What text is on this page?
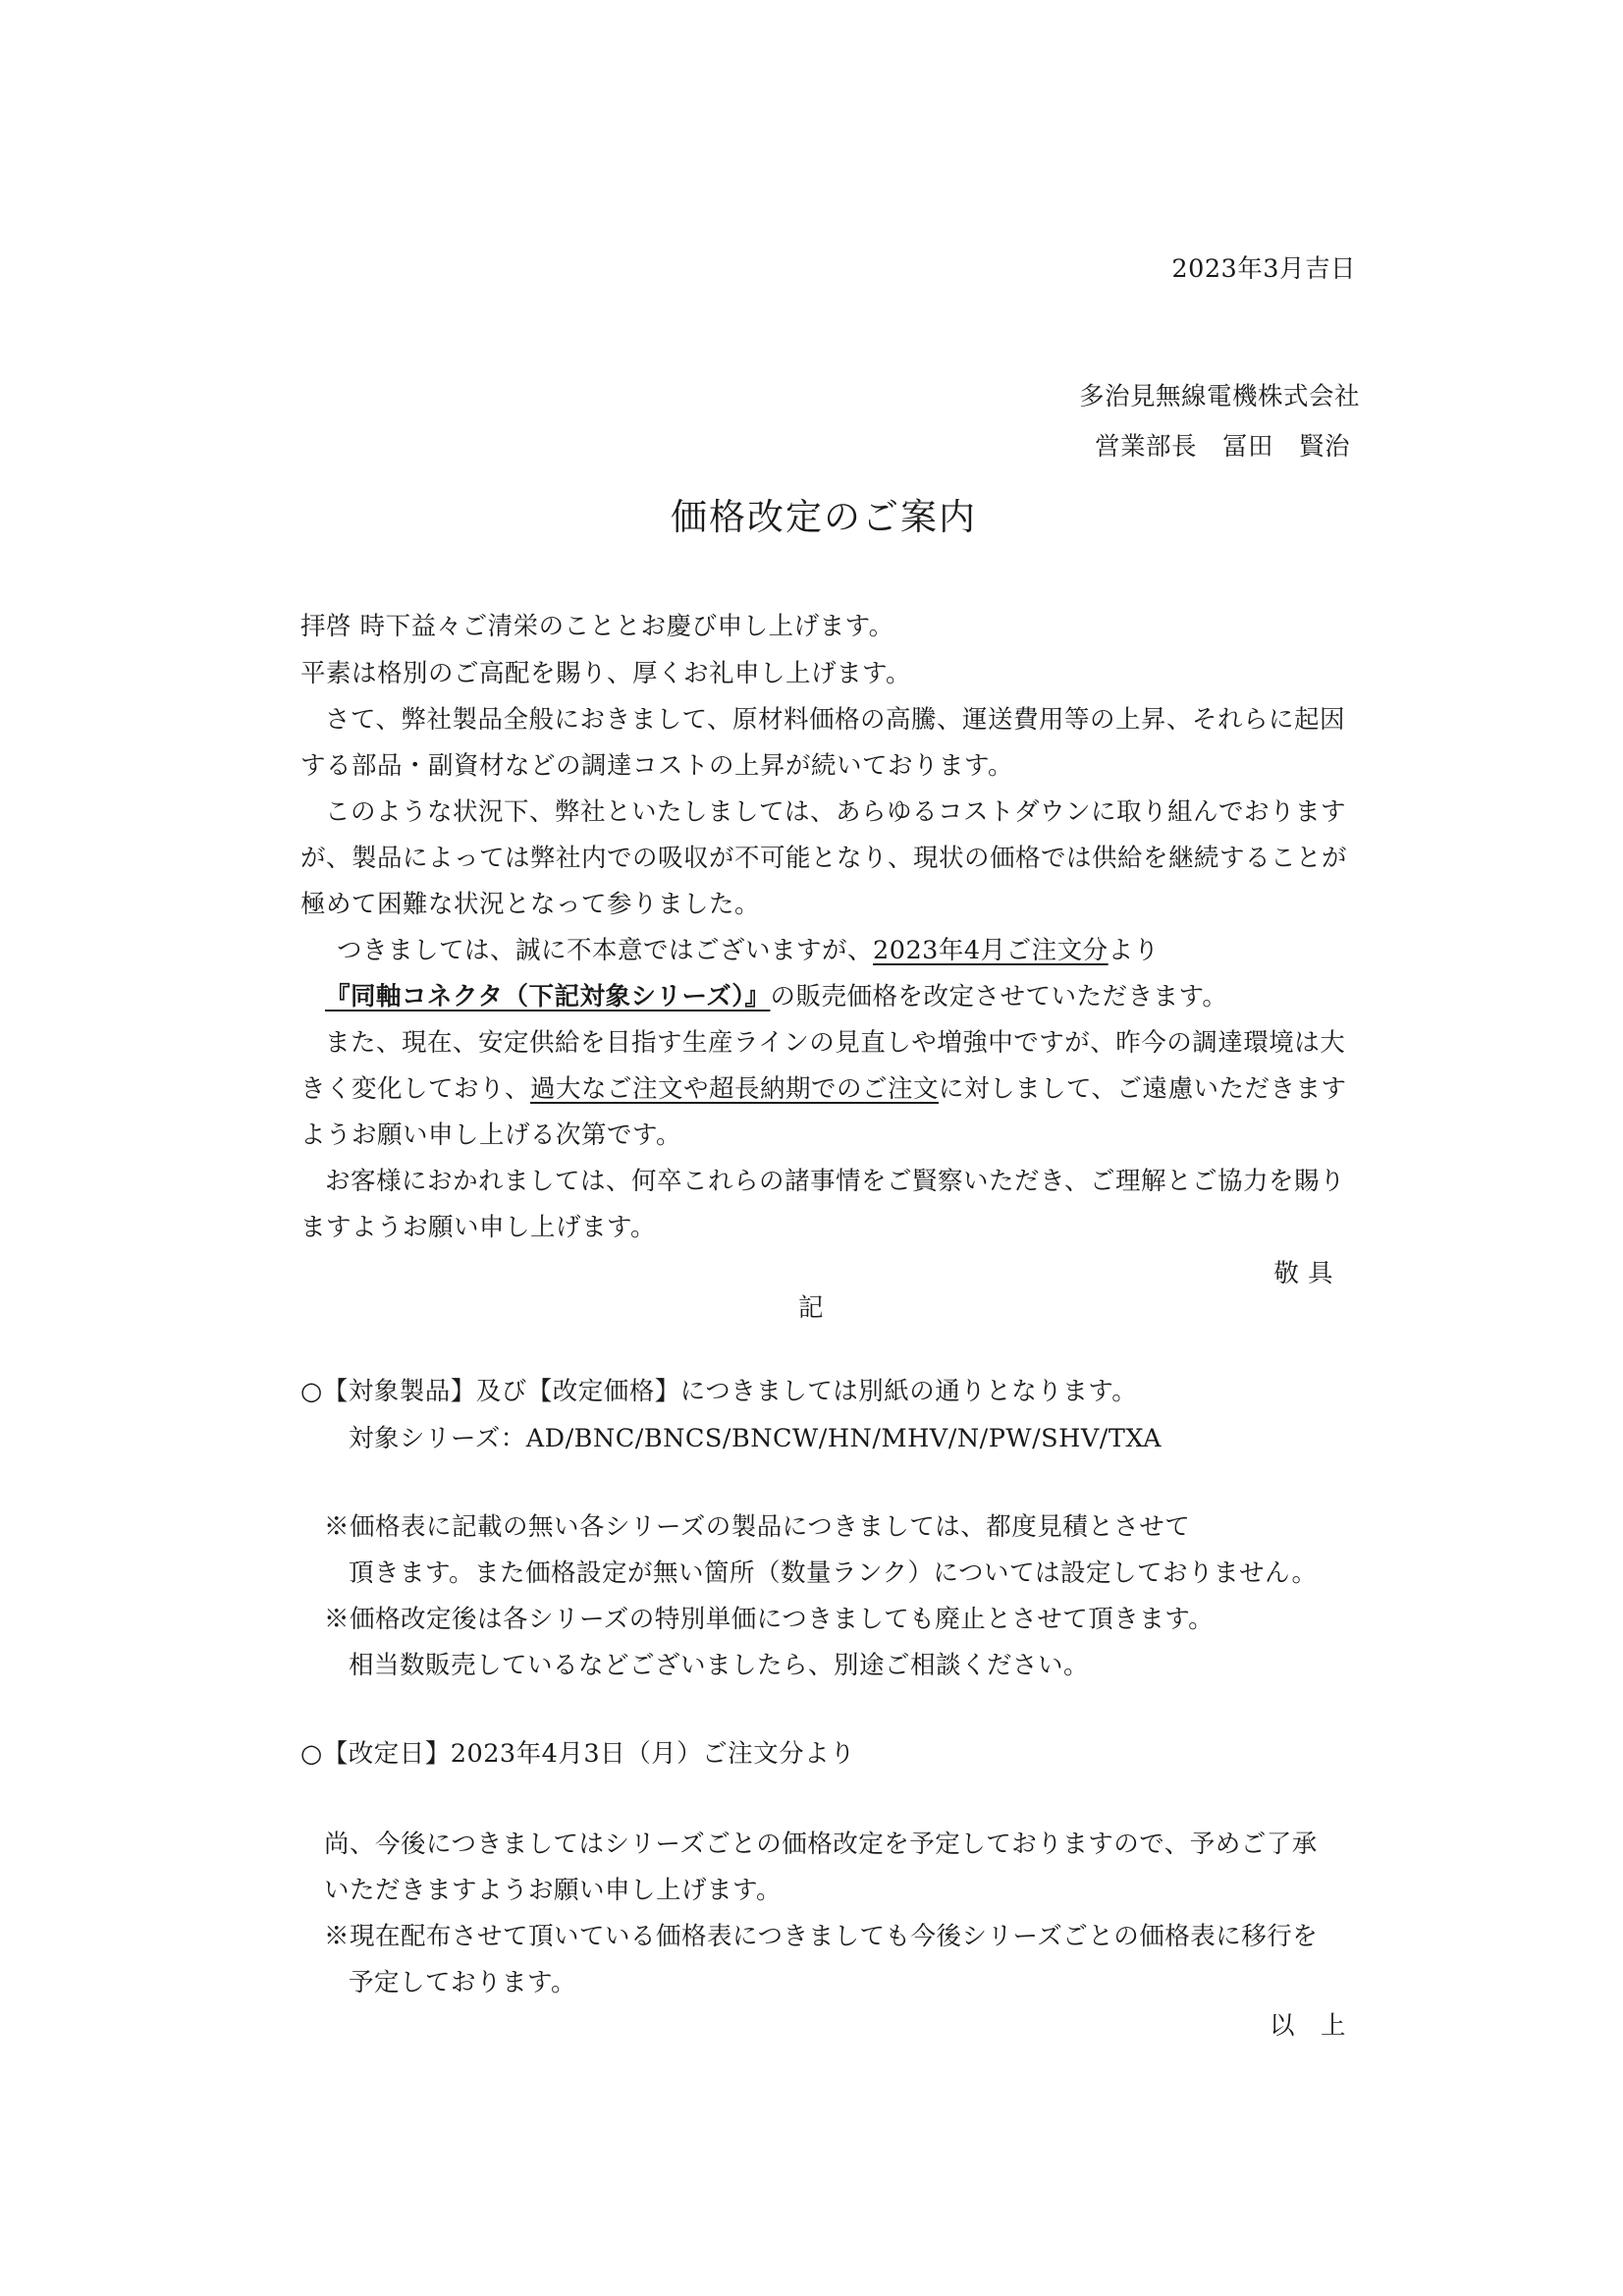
2023年3月吉日
多治見無線電機株式会社
営業部長　冨田　賢治
価格改定のご案内
拝啓 時下益々ご清栄のこととお慶び申し上げます。
平素は格別のご高配を賜り、厚くお礼申し上げます。
さて、弊社製品全般におきまして、原材料価格の高騰、運送費用等の上昇、それらに起因
する部品・副資材などの調達コストの上昇が続いております。
このような状況下、弊社といたしましては、あらゆるコストダウンに取り組んでおります
が、製品によっては弊社内での吸収が不可能となり、現状の価格では供給を継続することが
極めて困難な状況となって参りました。
つきましては、誠に不本意ではございますが、2023年4月ご注文分より
『同軸コネクタ（下記対象シリーズ）』の販売価格を改定させていただきます。
また、現在、安定供給を目指す生産ラインの見直しや増強中ですが、昨今の調達環境は大
きく変化しており、過大なご注文や超長納期でのご注文に対しまして、ご遠慮いただきます
ようお願い申し上げる次第です。
お客様におかれましては、何卒これらの諸事情をご賢察いただき、ご理解とご協力を賜り
ますようお願い申し上げます。
敬 具
記
○【対象製品】及び【改定価格】につきましては別紙の通りとなります。
対象シリーズ：AD/BNC/BNCS/BNCW/HN/MHV/N/PW/SHV/TXA
※価格表に記載の無い各シリーズの製品につきましては、都度見積とさせて
頂きます。また価格設定が無い箇所（数量ランク）については設定しておりません。
※価格改定後は各シリーズの特別単価につきましても廃止とさせて頂きます。
相当数販売しているなどございましたら、別途ご相談ください。
○【改定日】2023年4月3日（月）ご注文分より
尚、今後につきましてはシリーズごとの価格改定を予定しておりますので、予めご了承
いただきますようお願い申し上げます。
※現在配布させて頂いている価格表につきましても今後シリーズごとの価格表に移行を
予定しております。
以　上
